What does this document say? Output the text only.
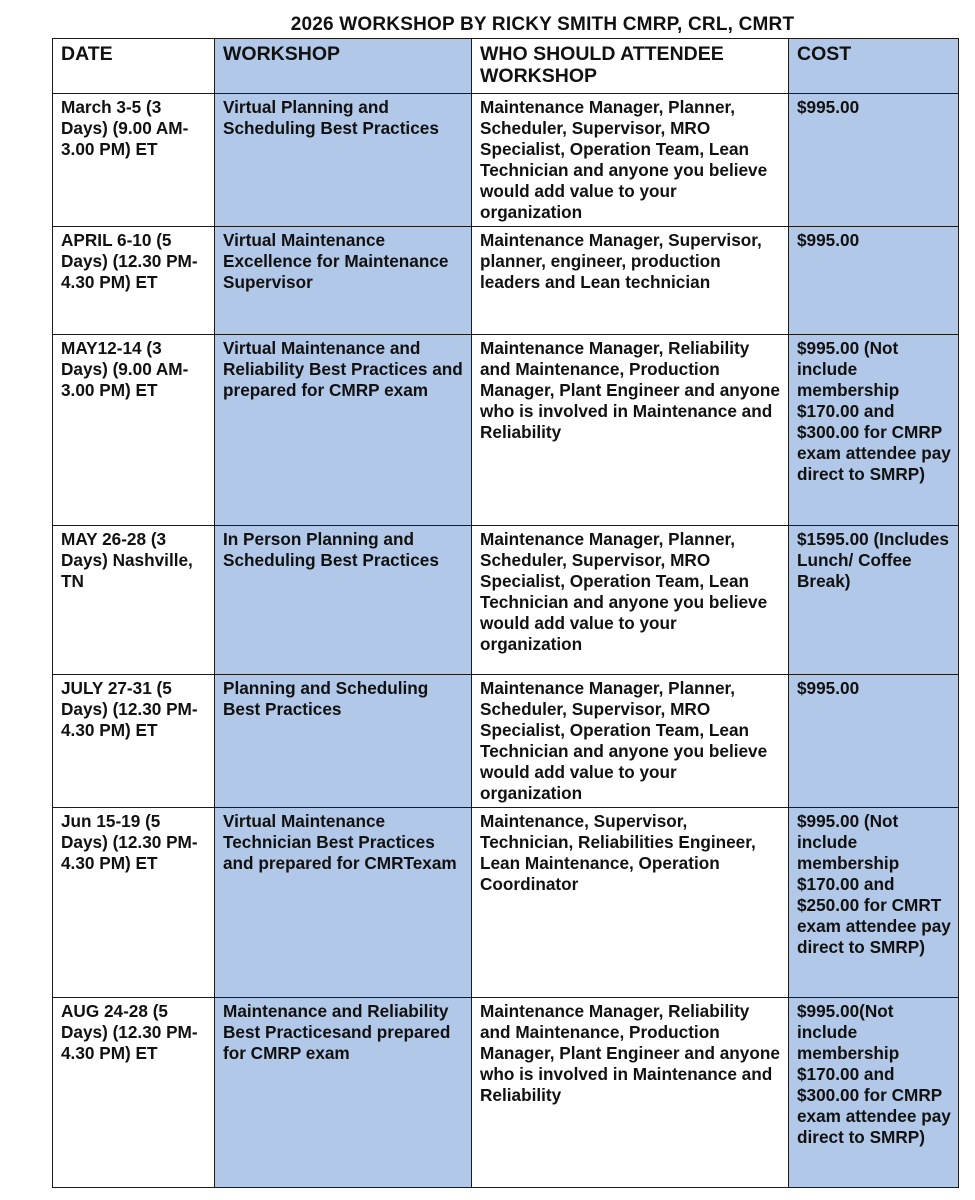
2026 WORKSHOP BY RICKY SMITH CMRP, CRL, CMRT
DATE	WORKSHOP	WHO SHOULD ATTENDEE WORKSHOP	COST
March 3-5 (3 Days) (9.00 AM-3.00 PM) ET	Virtual Planning and Scheduling Best Practices	Maintenance Manager, Planner, Scheduler, Supervisor, MRO Specialist, Operation Team, Lean Technician and anyone you believe would add value to your organization	$995.00
APRIL 6-10 (5 Days) (12.30 PM-4.30 PM) ET	Virtual Maintenance Excellence for Maintenance Supervisor	Maintenance Manager, Supervisor, planner, engineer, production leaders and Lean technician	$995.00
MAY12-14 (3 Days) (9.00 AM-3.00 PM) ET	Virtual Maintenance and Reliability Best Practices and prepared for CMRP exam	Maintenance Manager, Reliability and Maintenance, Production Manager, Plant Engineer and anyone who is involved in Maintenance and Reliability	$995.00 (Not include membership $170.00 and $300.00 for CMRP exam attendee pay direct to SMRP)
MAY 26-28 (3 Days) Nashville, TN	In Person Planning and Scheduling Best Practices	Maintenance Manager, Planner, Scheduler, Supervisor, MRO Specialist, Operation Team, Lean Technician and anyone you believe would add value to your organization	$1595.00 (Includes Lunch/ Coffee Break)
JULY 27-31 (5 Days) (12.30 PM-4.30 PM) ET	Planning and Scheduling Best Practices	Maintenance Manager, Planner, Scheduler, Supervisor, MRO Specialist, Operation Team, Lean Technician and anyone you believe would add value to your organization	$995.00
Jun 15-19 (5 Days) (12.30 PM-4.30 PM) ET	Virtual Maintenance Technician Best Practices and prepared for CMRTexam	Maintenance, Supervisor, Technician, Reliabilities Engineer, Lean Maintenance, Operation Coordinator	$995.00 (Not include membership $170.00 and $250.00 for CMRT exam attendee pay direct to SMRP)
AUG 24-28 (5 Days) (12.30 PM-4.30 PM) ET	Maintenance and Reliability Best Practicesand prepared for CMRP exam	Maintenance Manager, Reliability and Maintenance, Production Manager, Plant Engineer and anyone who is involved in Maintenance and Reliability	$995.00(Not include membership $170.00 and $300.00 for CMRP exam attendee pay direct to SMRP)
